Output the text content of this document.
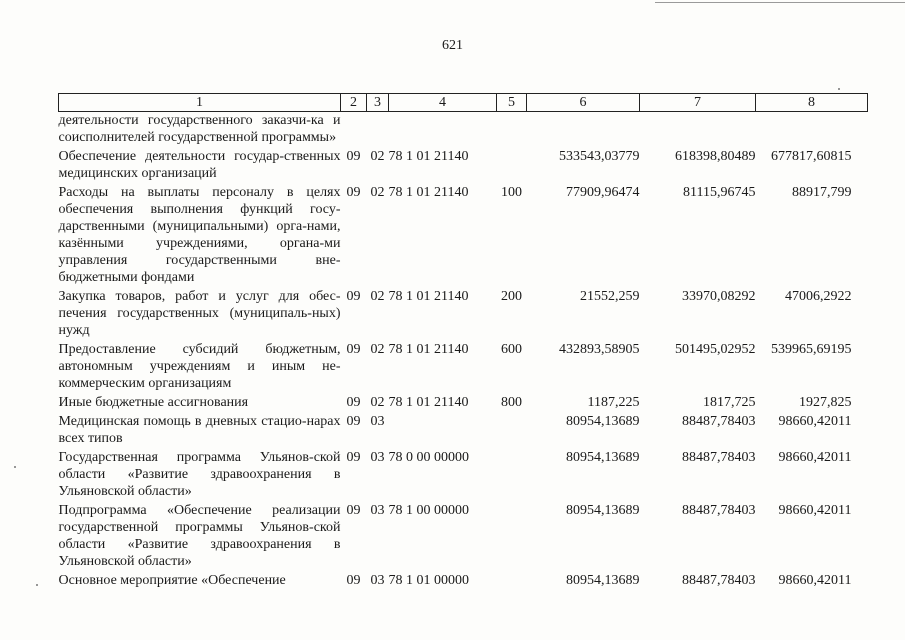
621
1	2	3	4	5	6	7	8
деятельности государственного заказчи-ка и соисполнителей государственной программы»							
Обеспечение деятельности государ-ственных медицинских организаций	09	02	78 1 01 21140		533543,03779	618398,80489	677817,60815
Расходы на выплаты персоналу в целях обеспечения выполнения функций госу-дарственными (муниципальными) орга-нами, казёнными учреждениями, органа-ми управления государственными вне-бюджетными фондами	09	02	78 1 01 21140	100	77909,96474	81115,96745	88917,799
Закупка товаров, работ и услуг для обес-печения государственных (муниципаль-ных) нужд	09	02	78 1 01 21140	200	21552,259	33970,08292	47006,2922
Предоставление субсидий бюджетным, автономным учреждениям и иным не-коммерческим организациям	09	02	78 1 01 21140	600	432893,58905	501495,02952	539965,69195
Иные бюджетные ассигнования	09	02	78 1 01 21140	800	1187,225	1817,725	1927,825
Медицинская помощь в дневных стацио-нарах всех типов	09	03			80954,13689	88487,78403	98660,42011
Государственная программа Ульянов-ской области «Развитие здравоохранения в Ульяновской области»	09	03	78 0 00 00000		80954,13689	88487,78403	98660,42011
Подпрограмма «Обеспечение реализации государственной программы Ульянов-ской области «Развитие здравоохранения в Ульяновской области»	09	03	78 1 00 00000		80954,13689	88487,78403	98660,42011
Основное мероприятие «Обеспечение	09	03	78 1 01 00000		80954,13689	88487,78403	98660,42011
